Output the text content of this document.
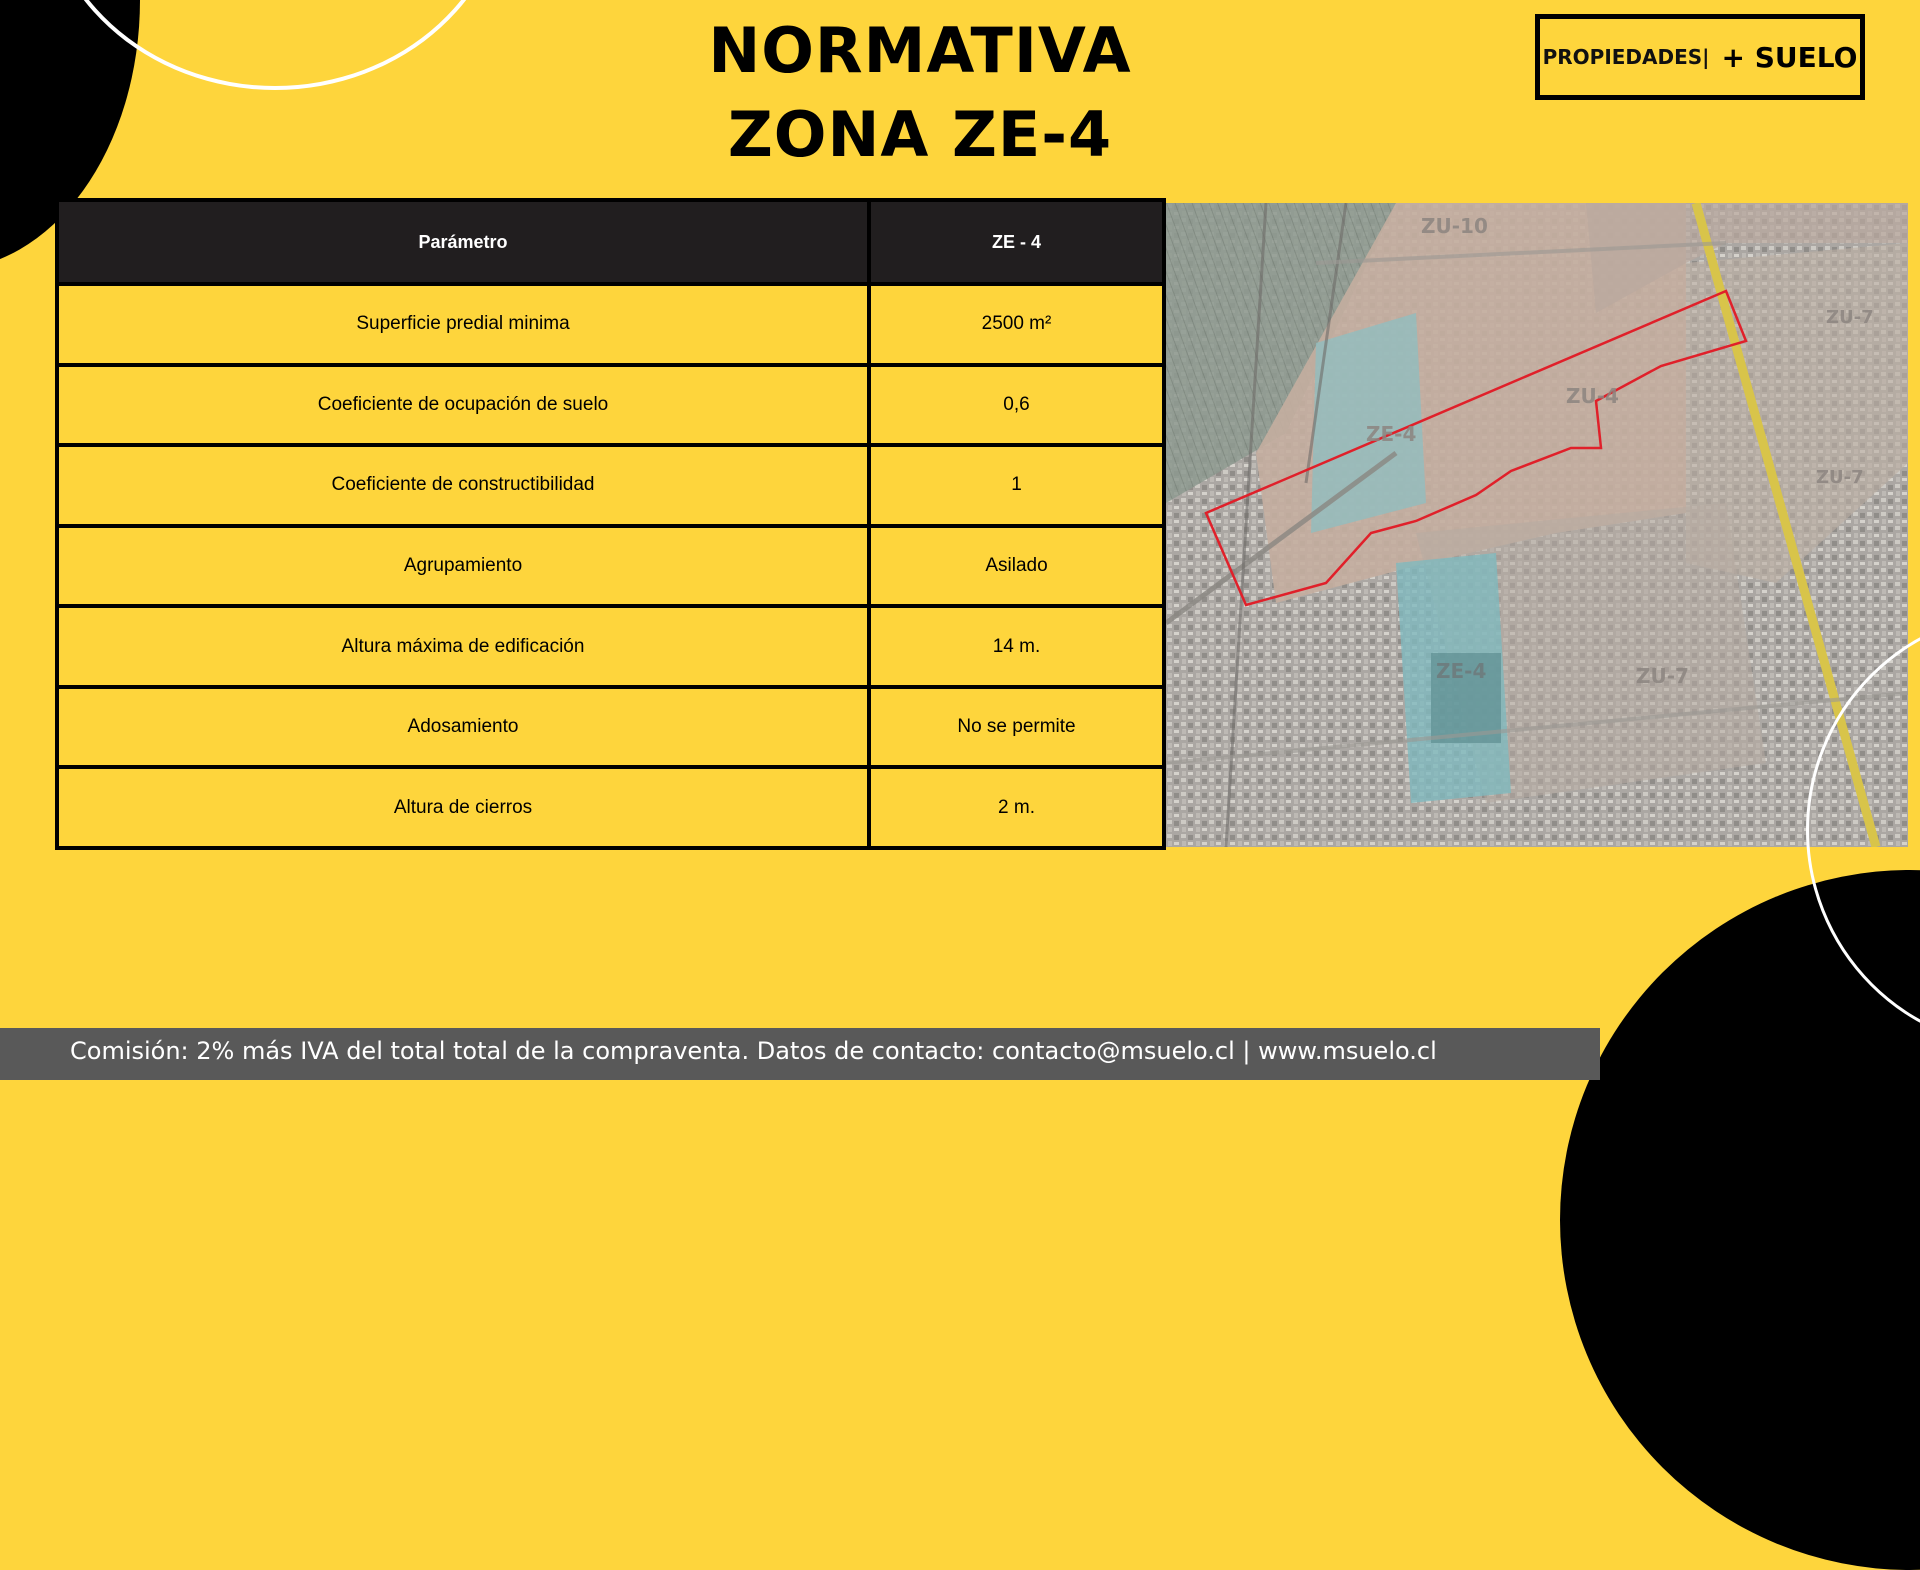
NORMATIVA
ZONA ZE-4
PROPIEDADES| + SUELO
Parámetro	ZE - 4
Superficie predial minima	2500 m²
Coeficiente de ocupación de suelo	0,6
Coeficiente de constructibilidad	1
Agrupamiento	Asilado
Altura máxima de edificación	14 m.
Adosamiento	No se permite
Altura de cierros	2 m.
ZU-10
ZU-4
ZE-4
ZE-4	ZU-7
ZU-7
ZU-7
Comisión: 2% más IVA del total total de la compraventa. Datos de contacto: contacto@msuelo.cl | www.msuelo.cl
